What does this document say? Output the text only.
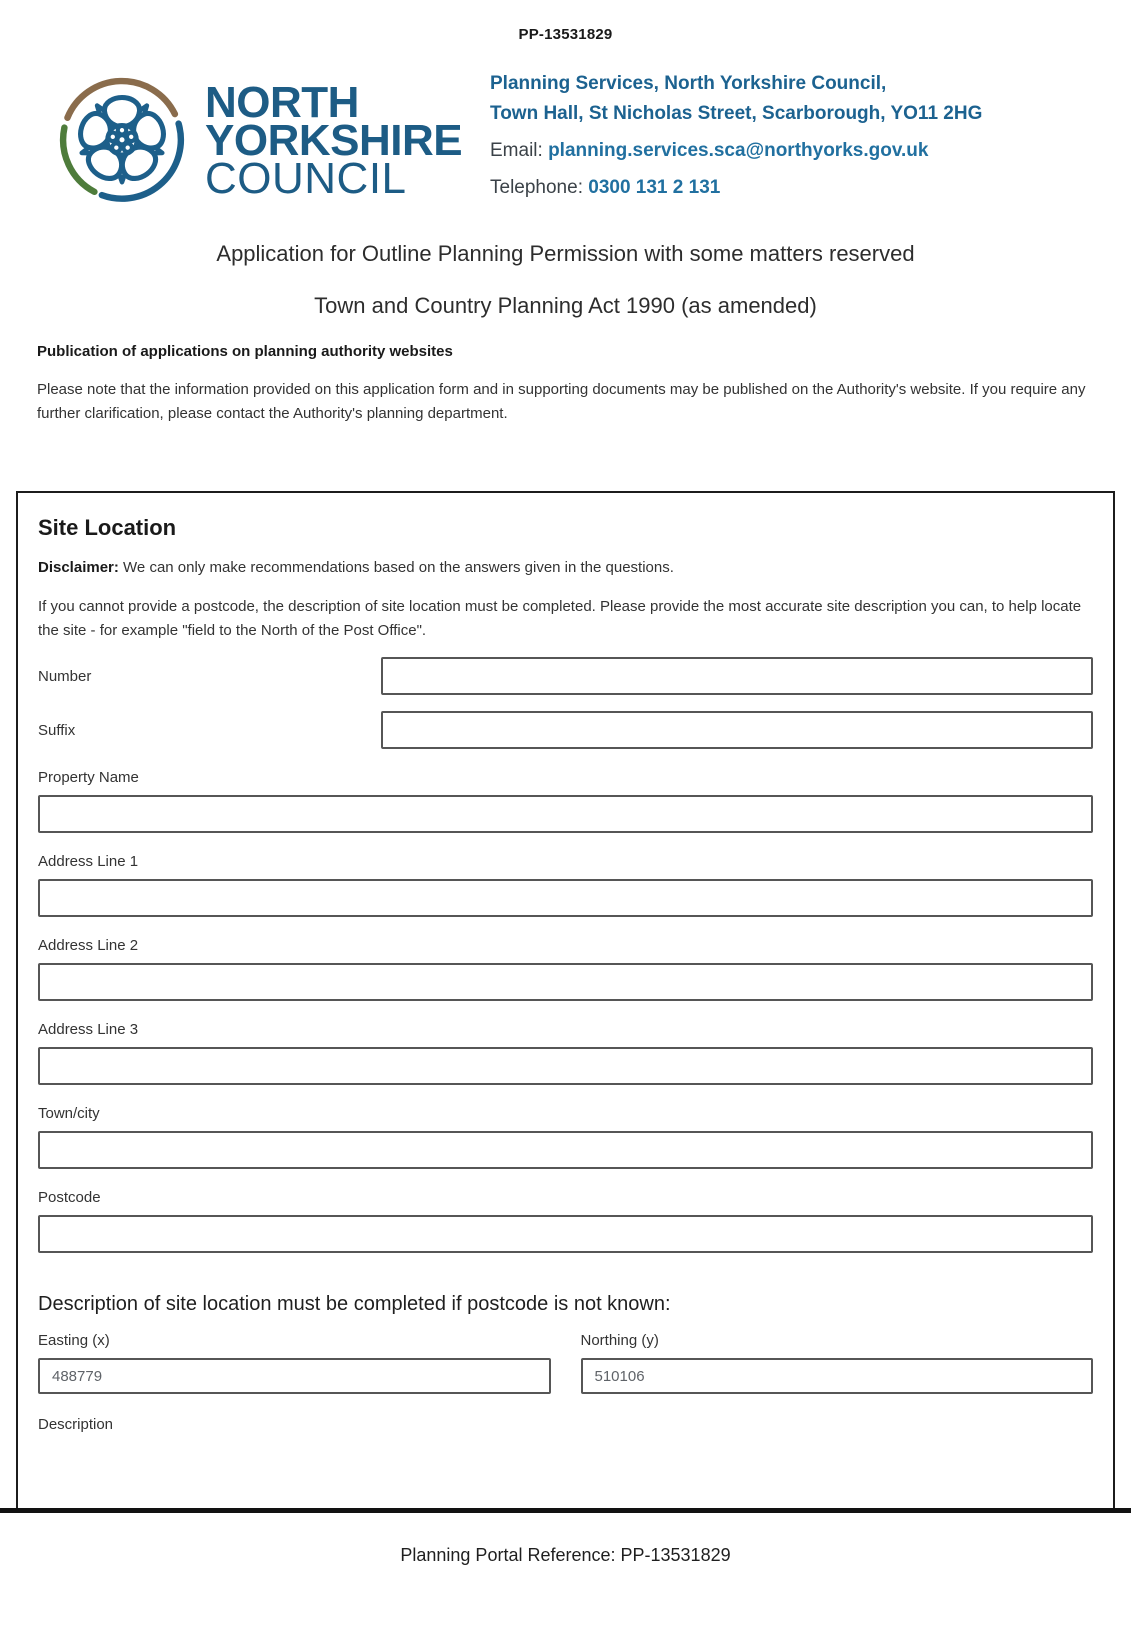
PP-13531829
NORTH
YORKSHIRE
COUNCIL
Planning Services, North Yorkshire Council,
Town Hall, St Nicholas Street, Scarborough, YO11 2HG
Email: planning.services.sca@northyorks.gov.uk
Telephone: 0300 131 2 131
Application for Outline Planning Permission with some matters reserved
Town and Country Planning Act 1990 (as amended)
Publication of applications on planning authority websites
Please note that the information provided on this application form and in supporting documents may be published on the Authority's website. If you require any further clarification, please contact the Authority's planning department.
Site Location
Disclaimer: We can only make recommendations based on the answers given in the questions.
If you cannot provide a postcode, the description of site location must be completed. Please provide the most accurate site description you can, to help locate the site - for example "field to the North of the Post Office".
Number
Suffix
Property Name
Address Line 1
Address Line 2
Address Line 3
Town/city
Postcode
Description of site location must be completed if postcode is not known:
Easting (x)
488779	Northing (y)
510106
Description
Planning Portal Reference: PP-13531829
